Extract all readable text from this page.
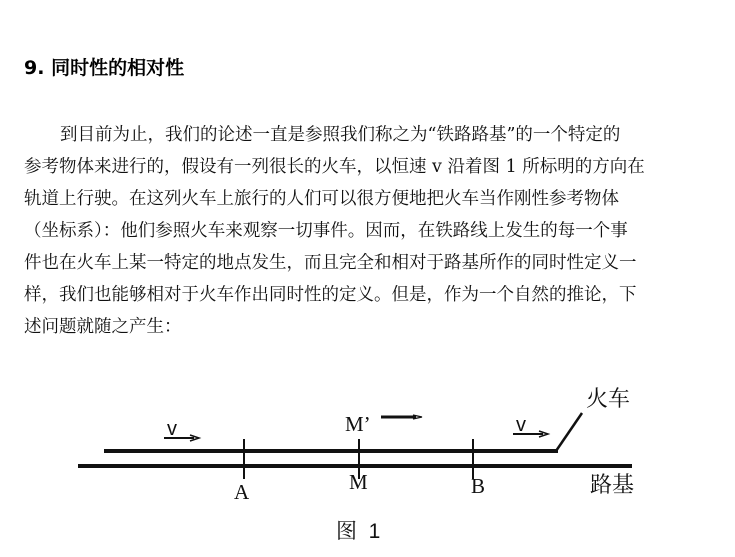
9. 同时性的相对性
到目前为止，我们的论述一直是参照我们称之为“铁路路基”的一个特定的
参考物体来进行的，假设有一列很长的火车，以恒速 v 沿着图 1 所标明的方向在
轨道上行驶。在这列火车上旅行的人们可以很方便地把火车当作刚性参考物体
（坐标系）：他们参照火车来观察一切事件。因而，在铁路线上发生的每一个事
件也在火车上某一特定的地点发生，而且完全和相对于路基所作的同时性定义一
样，我们也能够相对于火车作出同时性的定义。但是，作为一个自然的推论，下
述问题就随之产生：
火车
v	v
M’
A	M	B	路基
图  1
